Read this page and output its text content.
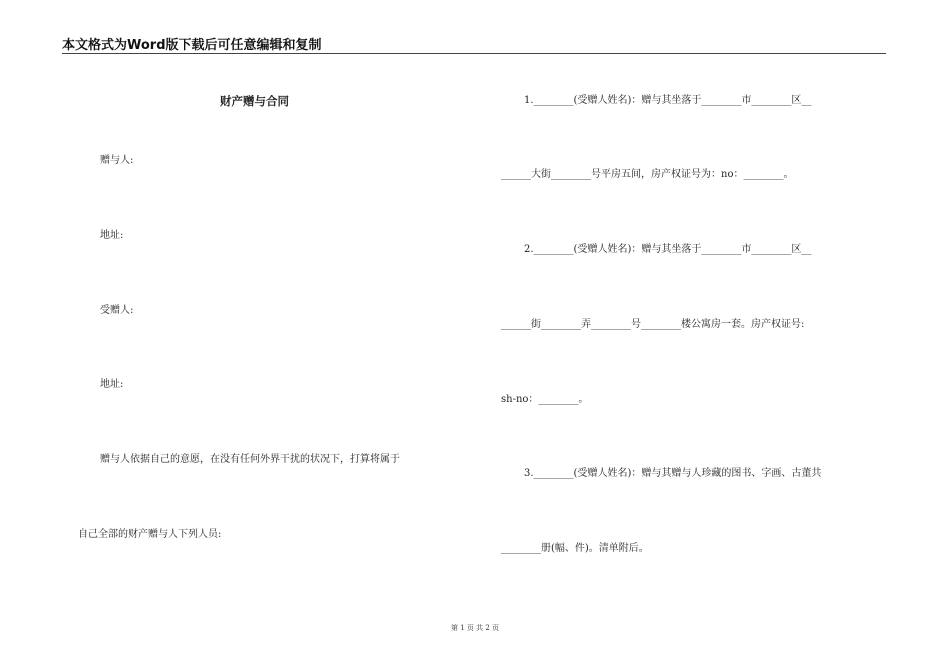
本文格式为Word版下载后可任意编辑和复制
财产赠与合同
赠与人:
地址:
受赠人:
地址:
赠与人依据自己的意愿，在没有任何外界干扰的状况下，打算将属于
自己全部的财产赠与人下列人员:
1.________(受赠人姓名)：赠与其坐落于________市________区__
______大街________号平房五间，房产权证号为：no：________。
2.________(受赠人姓名)：赠与其坐落于________市________区__
______街________弄________号________楼公寓房一套。房产权证号:
sh-no：________。
3.________(受赠人姓名)：赠与其赠与人珍藏的图书、字画、古董共
________册(幅、件)。清单附后。
第 1 页 共 2 页
